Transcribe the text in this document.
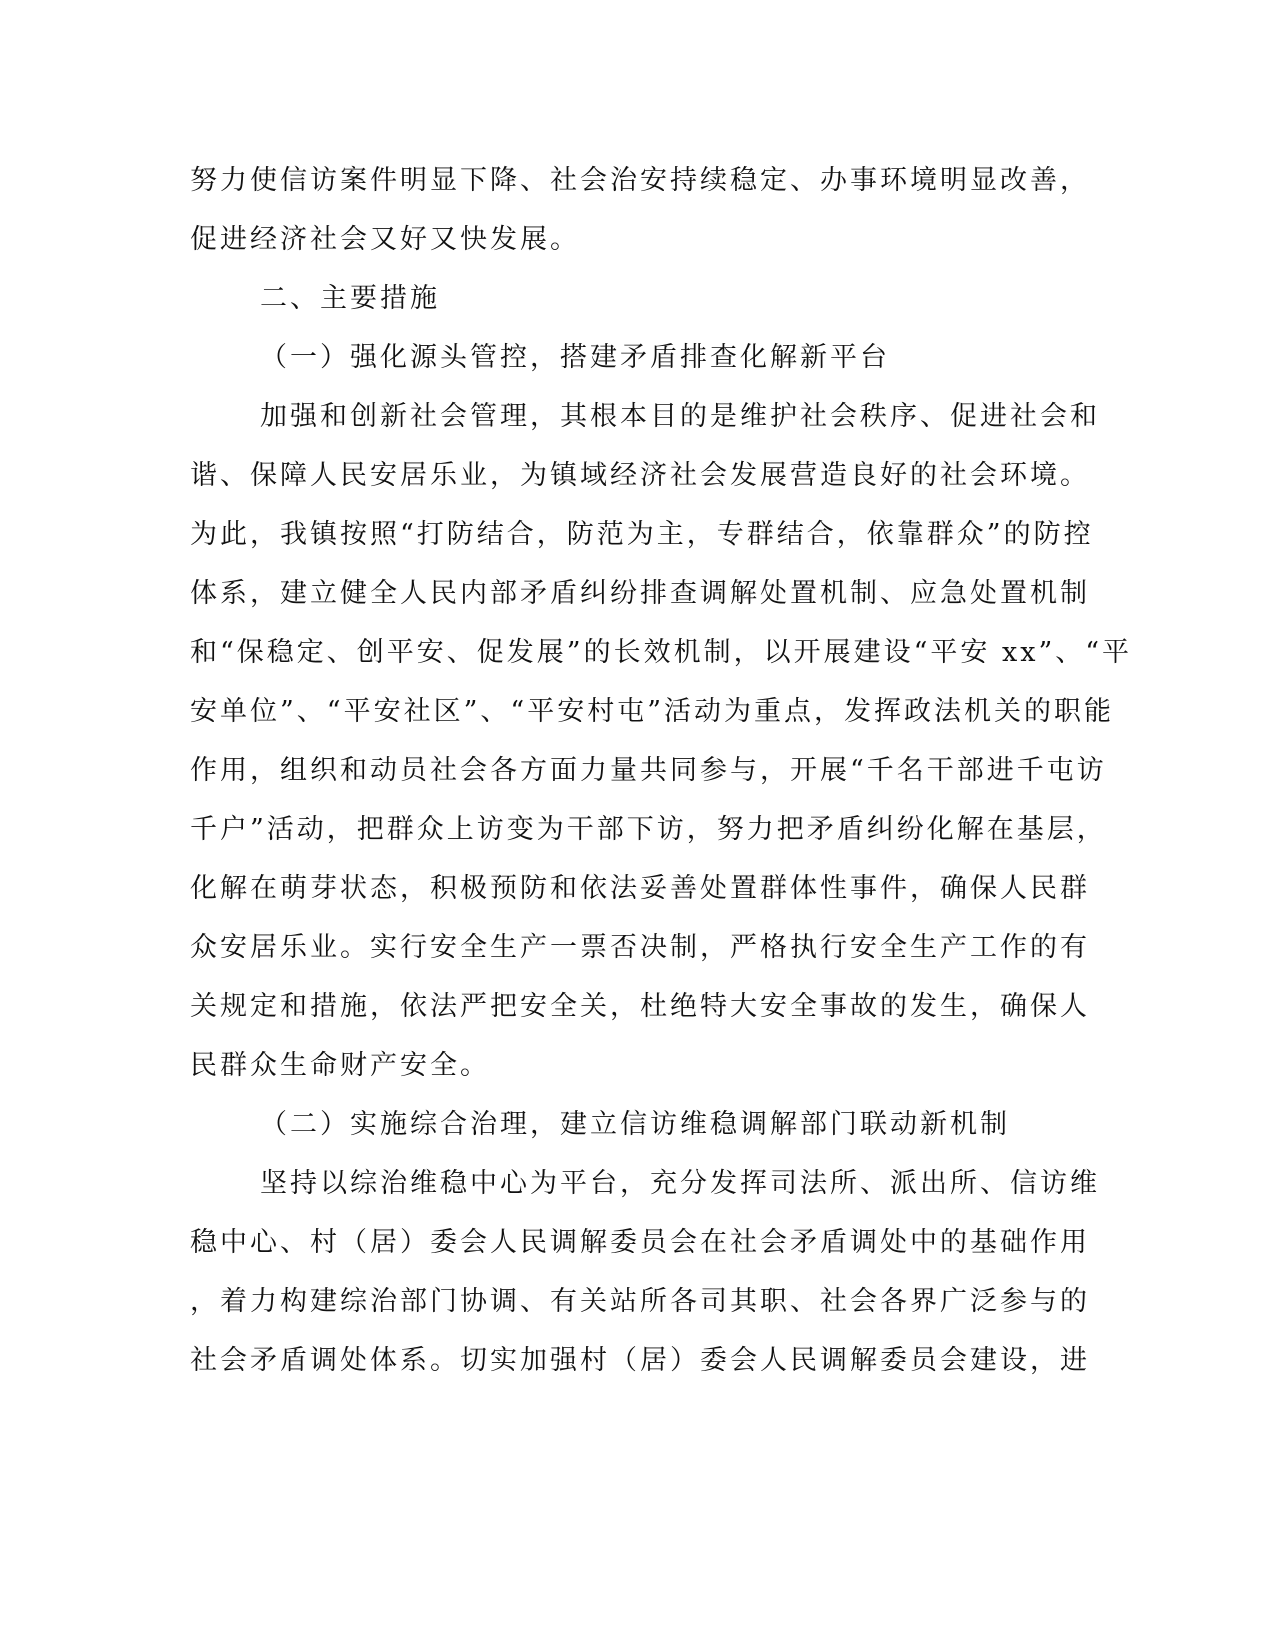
努力使信访案件明显下降、社会治安持续稳定、办事环境明显改善，
促进经济社会又好又快发展。
二、主要措施
（一）强化源头管控，搭建矛盾排查化解新平台
加强和创新社会管理，其根本目的是维护社会秩序、促进社会和
谐、保障人民安居乐业，为镇域经济社会发展营造良好的社会环境。
为此，我镇按照“打防结合，防范为主，专群结合，依靠群众”的防控
体系，建立健全人民内部矛盾纠纷排查调解处置机制、应急处置机制
和“保稳定、创平安、促发展”的长效机制，以开展建设“平安 xx”、“平
安单位”、“平安社区”、“平安村屯”活动为重点，发挥政法机关的职能
作用，组织和动员社会各方面力量共同参与，开展“千名干部进千屯访
千户”活动，把群众上访变为干部下访，努力把矛盾纠纷化解在基层，
化解在萌芽状态，积极预防和依法妥善处置群体性事件，确保人民群
众安居乐业。实行安全生产一票否决制，严格执行安全生产工作的有
关规定和措施，依法严把安全关，杜绝特大安全事故的发生，确保人
民群众生命财产安全。
（二）实施综合治理，建立信访维稳调解部门联动新机制
坚持以综治维稳中心为平台，充分发挥司法所、派出所、信访维
稳中心、村（居）委会人民调解委员会在社会矛盾调处中的基础作用
，着力构建综治部门协调、有关站所各司其职、社会各界广泛参与的
社会矛盾调处体系。切实加强村（居）委会人民调解委员会建设，进
